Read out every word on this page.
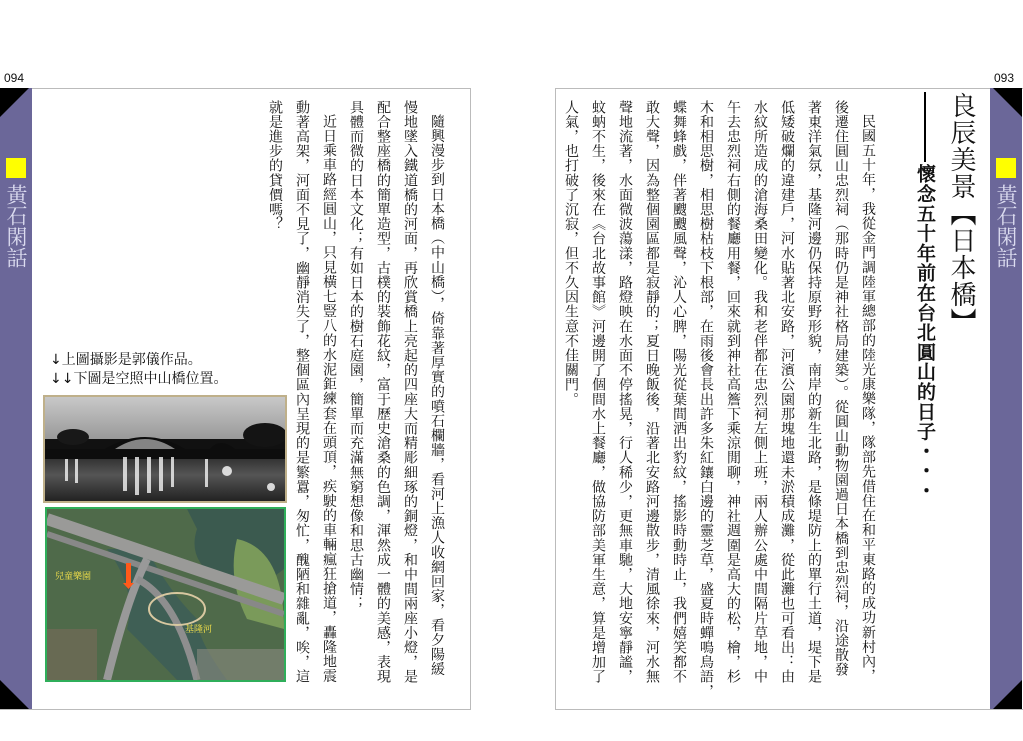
094
黃石閑話	隨興漫步到日本橋（中山橋），倚靠著厚實的噴石欄牆，看河上漁人收網回家，看夕陽緩
慢地墜入鐵道橋的河面，再欣賞橋上亮起的四座大而精彫細琢的銅燈，和中間兩座小燈，是
配合整座橋的簡單造型，古樸的裝飾花紋，富于歷史滄桑的色調，渾然成一體的美感，表現
具體而微的日本文化；有如日本的樹石庭園，簡單而充滿無窮想像和思古幽情；
近日乘車路經圓山，只見橫七豎八的水泥鉅練套在頭頂，疾駛的車輛瘋狂搶道，轟隆地震
動著高架，河面不見了，幽靜消失了，整個區內呈現的是繁囂，匆忙，醜陋和雜亂，唉，這
就是進步的貸價嗎？
↓上圖攝影是郭儀作品。
↓↓下圖是空照中山橋位置。
兒童樂園
基隆河
093
黃石閑話
良辰美景【日本橋】
懷念五十年前在台北圓山的日子・・・
民國五十年，我從金門調陸軍總部的陸光康樂隊，隊部先借住在和平東路的成功新村內，
後遷住圓山忠烈祠（那時仍是神社格局建築）。從圓山動物園過日本橋到忠烈祠，沿途散發
著東洋氣氛，基隆河邊仍保持原野形貌，南岸的新生北路，是條堤防上的單行土道，堤下是
低矮破爛的違建戶，河水貼著北安路，河濱公園那塊地還未淤積成灘，從此灘也可看出：由
水紋所造成的滄海桑田變化。我和老伴都在忠烈祠左側上班，兩人辦公處中間隔片草地，中
午去忠烈祠右側的餐廳用餐，回來就到神社高簷下乘涼閒聊，神社週圍是高大的松，檜，杉
木和相思樹，相思樹枯枝下根部，在雨後會長出許多朱紅鑲白邊的靈芝草，盛夏時蟬鳴鳥語，
蝶舞蜂戲，伴著颼颼風聲，沁人心脾，陽光從葉間洒出豹紋，搖影時動時止，我們嬉笑都不
敢大聲，因為整個園區都是寂靜的；夏日晚飯後，沿著北安路河邊散步，清風徐來，河水無
聲地流著，水面微波蕩漾，路燈映在水面不停搖晃，行人稀少，更無車馳，大地安寧靜謐，
蚊蚋不生，後來在《台北故事館》河邊開了個間水上餐廳，做協防部美軍生意，算是增加了
人氣，也打破了沉寂，但不久因生意不佳關門。
